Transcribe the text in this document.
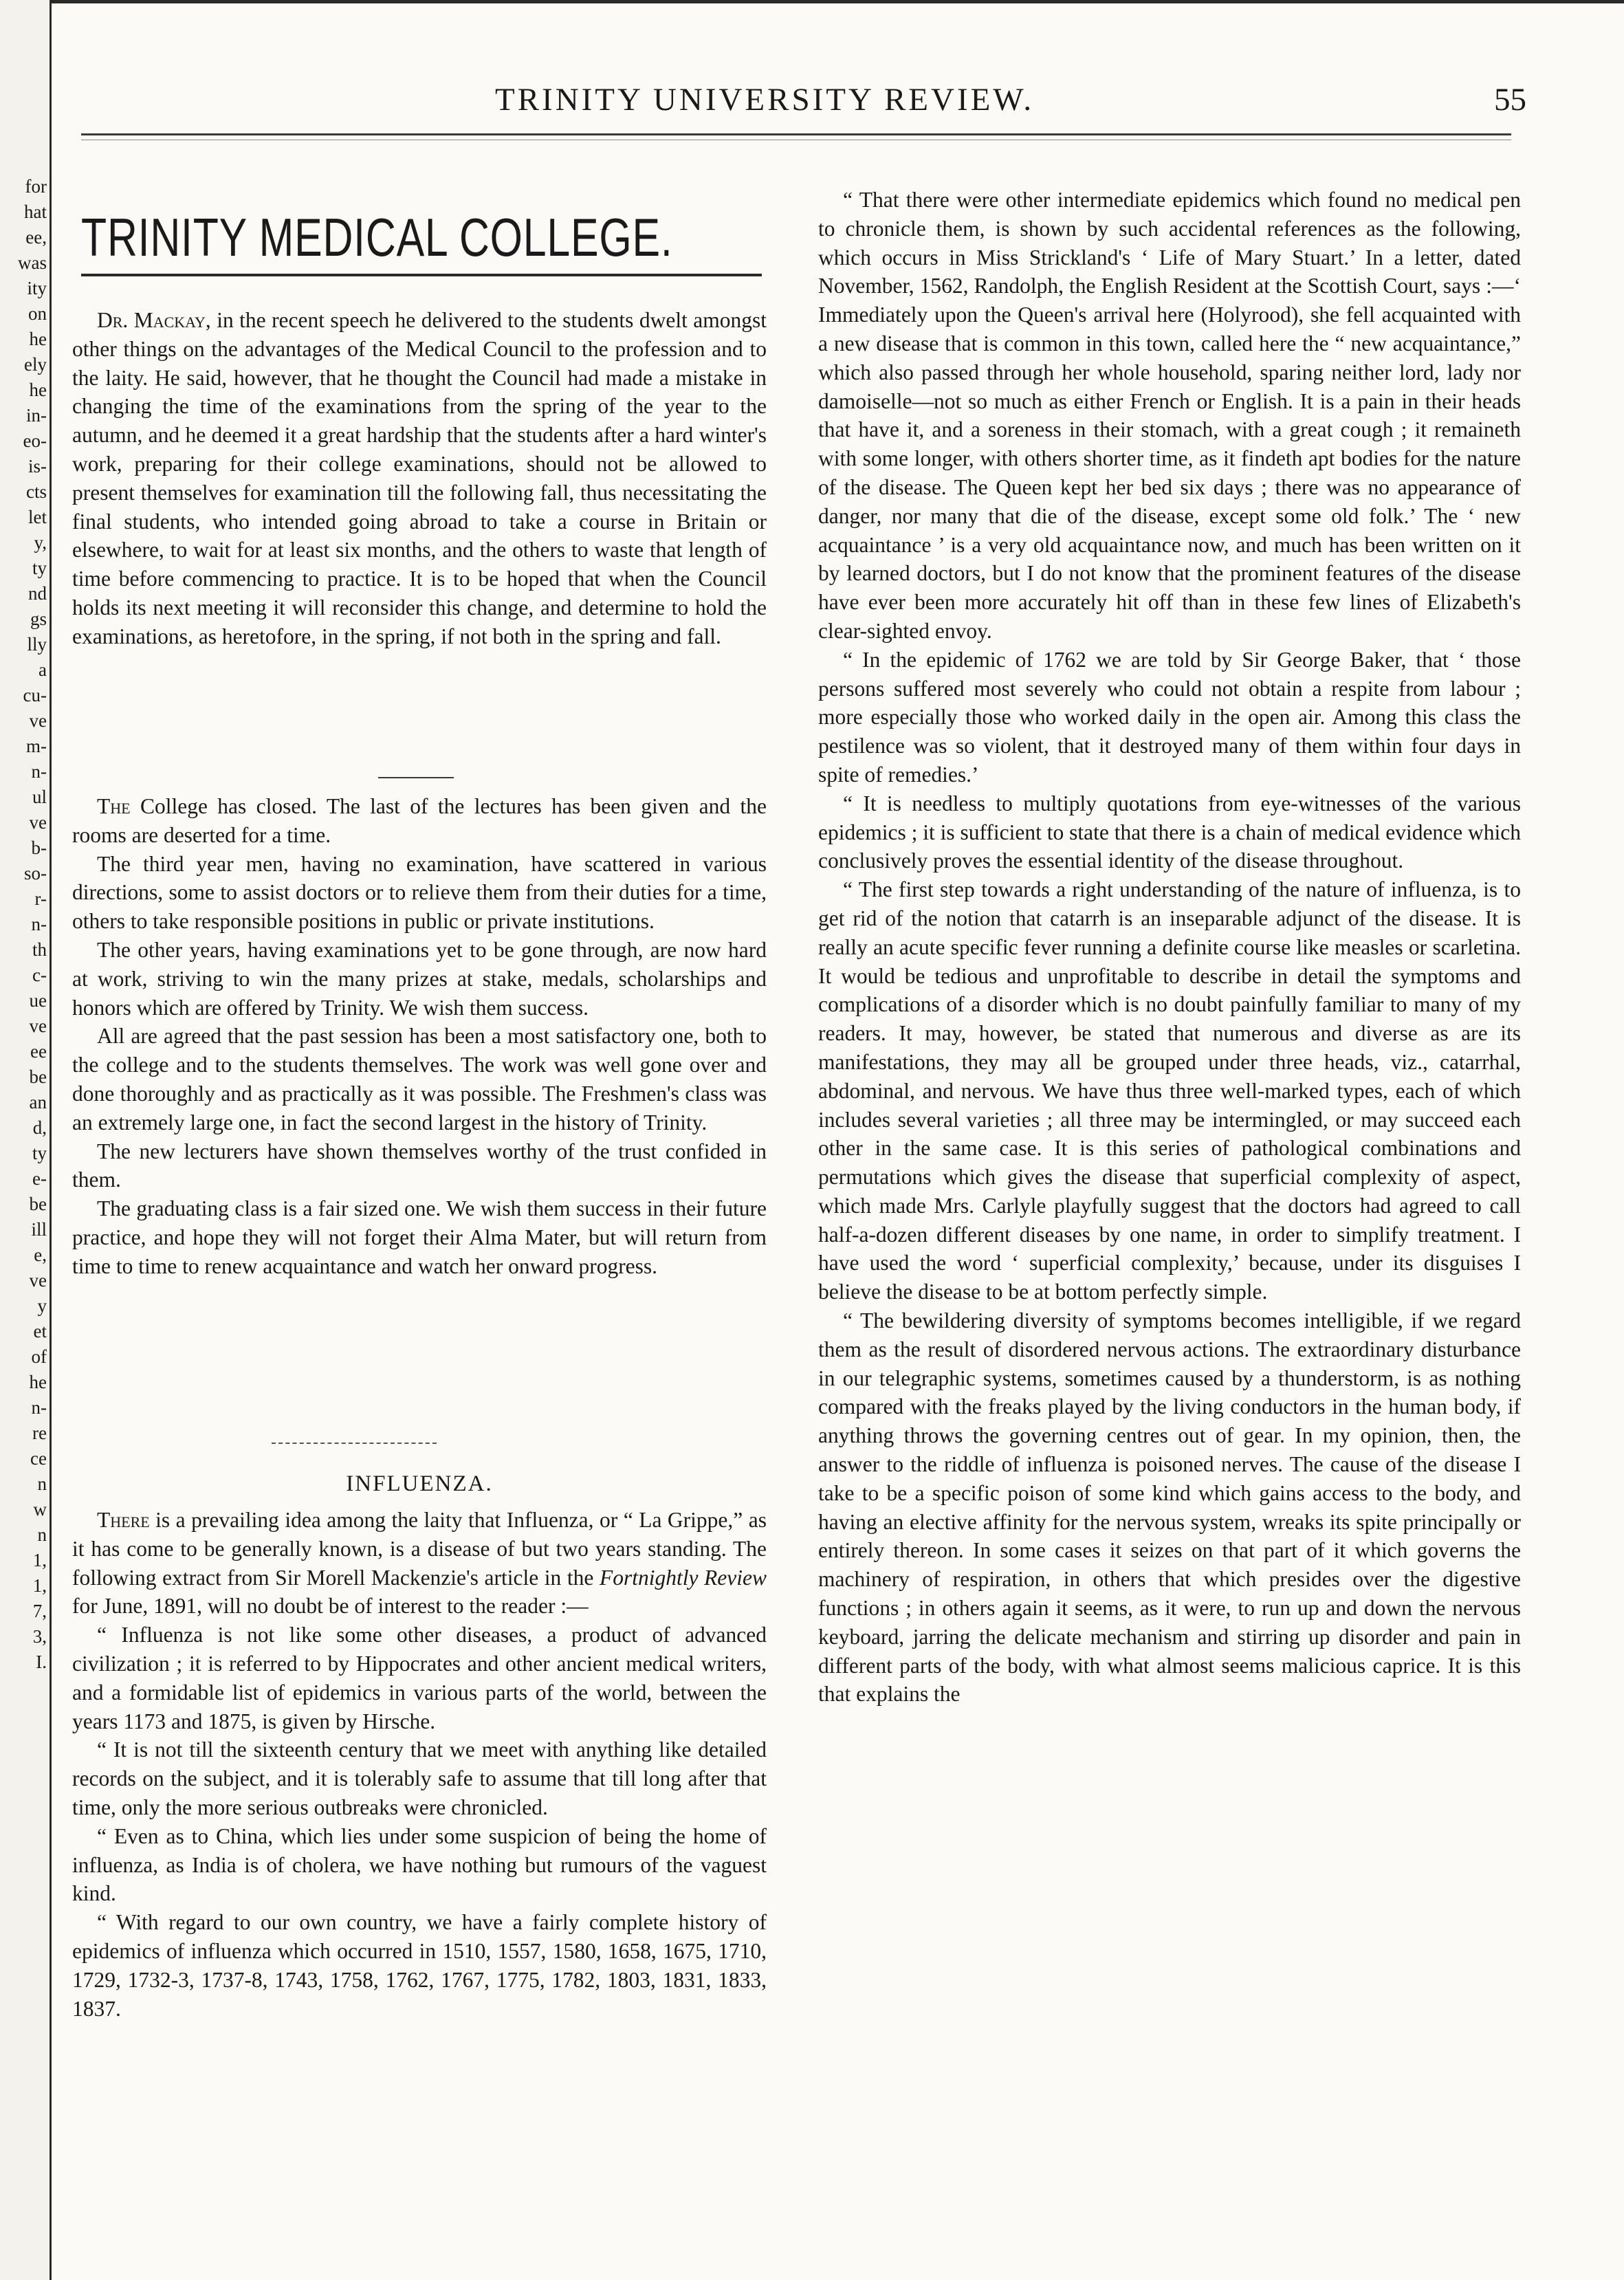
for
hat
ee,
was
ity
on
he
ely
he
in-
eo-
is-
cts
let
y,
ty
nd
gs
lly
a
cu-
ve
m-
n-
ul
ve
b-
so-
r-
n-
th
c-
ue
ve
ee
be
an
d,
ty
e-
be
ill
e,
ve
y
et
of
he
n-
re
ce
n
w
n
1,
1,
7,
3,
I.
TRINITY UNIVERSITY REVIEW.	55
TRINITY MEDICAL COLLEGE.

Dr. Mackay, in the recent speech he delivered to the students dwelt amongst other things on the advantages of the Medical Council to the profession and to the laity. He said, however, that he thought the Council had made a mistake in changing the time of the examinations from the spring of the year to the autumn, and he deemed it a great hardship that the students after a hard winter's work, preparing for their college examinations, should not be allowed to present themselves for examination till the following fall, thus necessitating the final students, who intended going abroad to take a course in Britain or elsewhere, to wait for at least six months, and the others to waste that length of time before commencing to practice. It is to be hoped that when the Council holds its next meeting it will reconsider this change, and determine to hold the examinations, as heretofore, in the spring, if not both in the spring and fall.

The College has closed. The last of the lectures has been given and the rooms are deserted for a time.

The third year men, having no examination, have scattered in various directions, some to assist doctors or to relieve them from their duties for a time, others to take responsible positions in public or private institutions.

The other years, having examinations yet to be gone through, are now hard at work, striving to win the many prizes at stake, medals, scholarships and honors which are offered by Trinity. We wish them success.

All are agreed that the past session has been a most satisfactory one, both to the college and to the students themselves. The work was well gone over and done thoroughly and as practically as it was possible. The Freshmen's class was an extremely large one, in fact the second largest in the history of Trinity.

The new lecturers have shown themselves worthy of the trust confided in them.

The graduating class is a fair sized one. We wish them success in their future practice, and hope they will not forget their Alma Mater, but will return from time to time to renew acquaintance and watch her onward progress.

INFLUENZA.

There is a prevailing idea among the laity that Influenza, or “ La Grippe,” as it has come to be generally known, is a disease of but two years standing. The following extract from Sir Morell Mackenzie's article in the Fortnightly Review for June, 1891, will no doubt be of interest to the reader :—

“ Influenza is not like some other diseases, a product of advanced civilization ; it is referred to by Hippocrates and other ancient medical writers, and a formidable list of epidemics in various parts of the world, between the years 1173 and 1875, is given by Hirsche.

“ It is not till the sixteenth century that we meet with anything like detailed records on the subject, and it is tolerably safe to assume that till long after that time, only the more serious outbreaks were chronicled.

“ Even as to China, which lies under some suspicion of being the home of influenza, as India is of cholera, we have nothing but rumours of the vaguest kind.

“ With regard to our own country, we have a fairly complete history of epidemics of influenza which occurred in 1510, 1557, 1580, 1658, 1675, 1710, 1729, 1732-3, 1737-8, 1743, 1758, 1762, 1767, 1775, 1782, 1803, 1831, 1833, 1837.

“ That there were other intermediate epidemics which found no medical pen to chronicle them, is shown by such accidental references as the following, which occurs in Miss Strickland's ‘ Life of Mary Stuart.’ In a letter, dated November, 1562, Randolph, the English Resident at the Scottish Court, says :—‘ Immediately upon the Queen's arrival here (Holyrood), she fell acquainted with a new disease that is common in this town, called here the “ new acquaintance,” which also passed through her whole household, sparing neither lord, lady nor damoiselle—not so much as either French or English. It is a pain in their heads that have it, and a soreness in their stomach, with a great cough ; it remaineth with some longer, with others shorter time, as it findeth apt bodies for the nature of the disease. The Queen kept her bed six days ; there was no appearance of danger, nor many that die of the disease, except some old folk.’ The ‘ new acquaintance ’ is a very old acquaintance now, and much has been written on it by learned doctors, but I do not know that the prominent features of the disease have ever been more accurately hit off than in these few lines of Elizabeth's clear-sighted envoy.

“ In the epidemic of 1762 we are told by Sir George Baker, that ‘ those persons suffered most severely who could not obtain a respite from labour ; more especially those who worked daily in the open air. Among this class the pestilence was so violent, that it destroyed many of them within four days in spite of remedies.’

“ It is needless to multiply quotations from eye-witnesses of the various epidemics ; it is sufficient to state that there is a chain of medical evidence which conclusively proves the essential identity of the disease throughout.

“ The first step towards a right understanding of the nature of influenza, is to get rid of the notion that catarrh is an inseparable adjunct of the disease. It is really an acute specific fever running a definite course like measles or scarletina. It would be tedious and unprofitable to describe in detail the symptoms and complications of a disorder which is no doubt painfully familiar to many of my readers. It may, however, be stated that numerous and diverse as are its manifestations, they may all be grouped under three heads, viz., catarrhal, abdominal, and nervous. We have thus three well-marked types, each of which includes several varieties ; all three may be intermingled, or may succeed each other in the same case. It is this series of pathological combinations and permutations which gives the disease that superficial complexity of aspect, which made Mrs. Carlyle playfully suggest that the doctors had agreed to call half-a-dozen different diseases by one name, in order to simplify treatment. I have used the word ‘ superficial complexity,’ because, under its disguises I believe the disease to be at bottom perfectly simple.

“ The bewildering diversity of symptoms becomes intelligible, if we regard them as the result of disordered nervous actions. The extraordinary disturbance in our telegraphic systems, sometimes caused by a thunderstorm, is as nothing compared with the freaks played by the living conductors in the human body, if anything throws the governing centres out of gear. In my opinion, then, the answer to the riddle of influenza is poisoned nerves. The cause of the disease I take to be a specific poison of some kind which gains access to the body, and having an elective affinity for the nervous system, wreaks its spite principally or entirely thereon. In some cases it seizes on that part of it which governs the machinery of respiration, in others that which presides over the digestive functions ; in others again it seems, as it were, to run up and down the nervous keyboard, jarring the delicate mechanism and stirring up disorder and pain in different parts of the body, with what almost seems malicious caprice. It is this that explains the
